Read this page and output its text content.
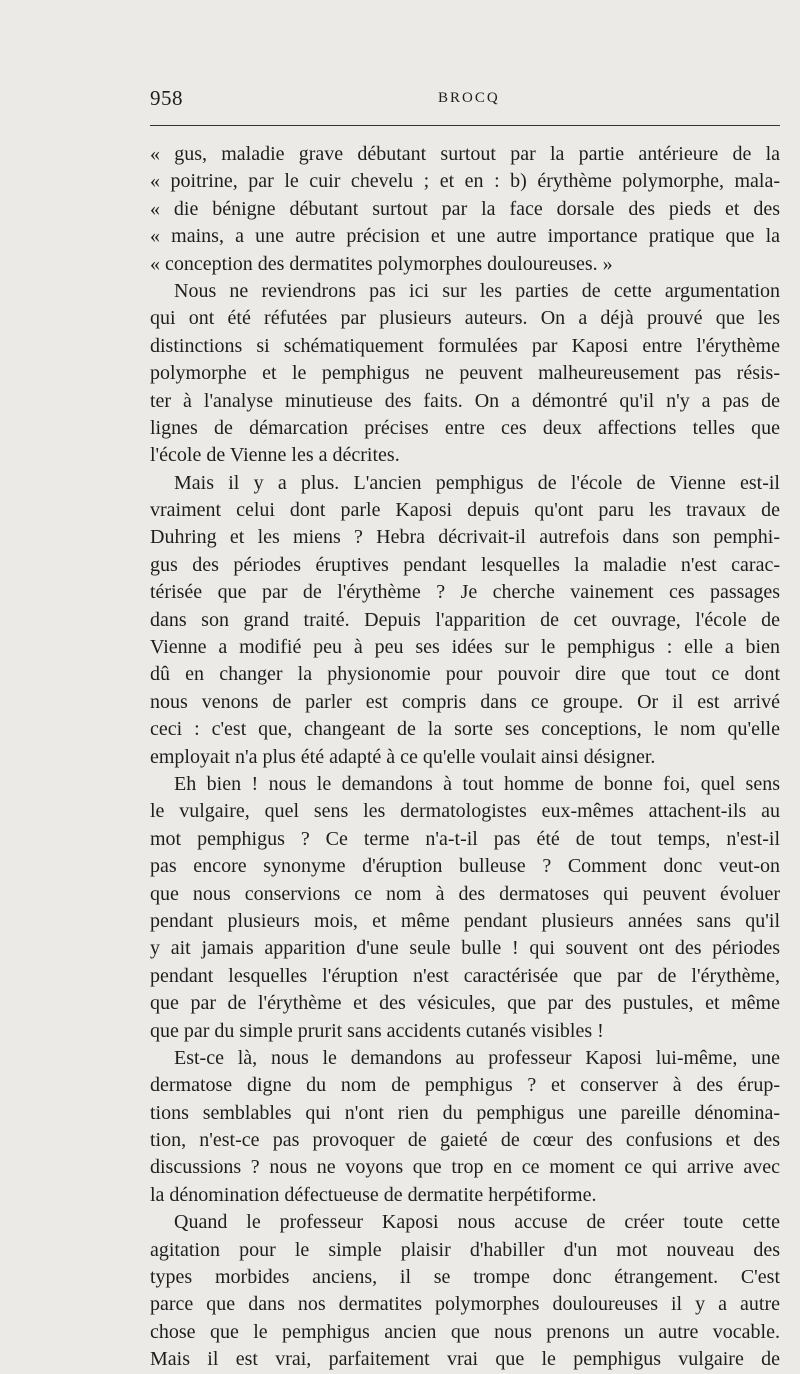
958	BROCQ
« gus, maladie grave débutant surtout par la partie antérieure de la
« poitrine, par le cuir chevelu ; et en : b) érythème polymorphe, mala-
« die bénigne débutant surtout par la face dorsale des pieds et des
« mains, a une autre précision et une autre importance pratique que la
« conception des dermatites polymorphes douloureuses. »
Nous ne reviendrons pas ici sur les parties de cette argumentation
qui ont été réfutées par plusieurs auteurs. On a déjà prouvé que les
distinctions si schématiquement formulées par Kaposi entre l'érythème
polymorphe et le pemphigus ne peuvent malheureusement pas résis-
ter à l'analyse minutieuse des faits. On a démontré qu'il n'y a pas de
lignes de démarcation précises entre ces deux affections telles que
l'école de Vienne les a décrites.
Mais il y a plus. L'ancien pemphigus de l'école de Vienne est-il
vraiment celui dont parle Kaposi depuis qu'ont paru les travaux de
Duhring et les miens ? Hebra décrivait-il autrefois dans son pemphi-
gus des périodes éruptives pendant lesquelles la maladie n'est carac-
térisée que par de l'érythème ? Je cherche vainement ces passages
dans son grand traité. Depuis l'apparition de cet ouvrage, l'école de
Vienne a modifié peu à peu ses idées sur le pemphigus : elle a bien
dû en changer la physionomie pour pouvoir dire que tout ce dont
nous venons de parler est compris dans ce groupe. Or il est arrivé
ceci : c'est que, changeant de la sorte ses conceptions, le nom qu'elle
employait n'a plus été adapté à ce qu'elle voulait ainsi désigner.
Eh bien ! nous le demandons à tout homme de bonne foi, quel sens
le vulgaire, quel sens les dermatologistes eux-mêmes attachent-ils au
mot pemphigus ? Ce terme n'a-t-il pas été de tout temps, n'est-il
pas encore synonyme d'éruption bulleuse ? Comment donc veut-on
que nous conservions ce nom à des dermatoses qui peuvent évoluer
pendant plusieurs mois, et même pendant plusieurs années sans qu'il
y ait jamais apparition d'une seule bulle ! qui souvent ont des périodes
pendant lesquelles l'éruption n'est caractérisée que par de l'érythème,
que par de l'érythème et des vésicules, que par des pustules, et même
que par du simple prurit sans accidents cutanés visibles !
Est-ce là, nous le demandons au professeur Kaposi lui-même, une
dermatose digne du nom de pemphigus ? et conserver à des érup-
tions semblables qui n'ont rien du pemphigus une pareille dénomina-
tion, n'est-ce pas provoquer de gaieté de cœur des confusions et des
discussions ? nous ne voyons que trop en ce moment ce qui arrive avec
la dénomination défectueuse de dermatite herpétiforme.
Quand le professeur Kaposi nous accuse de créer toute cette
agitation pour le simple plaisir d'habiller d'un mot nouveau des
types morbides anciens, il se trompe donc étrangement. C'est
parce que dans nos dermatites polymorphes douloureuses il y a autre
chose que le pemphigus ancien que nous prenons un autre vocable.
Mais il est vrai, parfaitement vrai que le pemphigus vulgaire de
